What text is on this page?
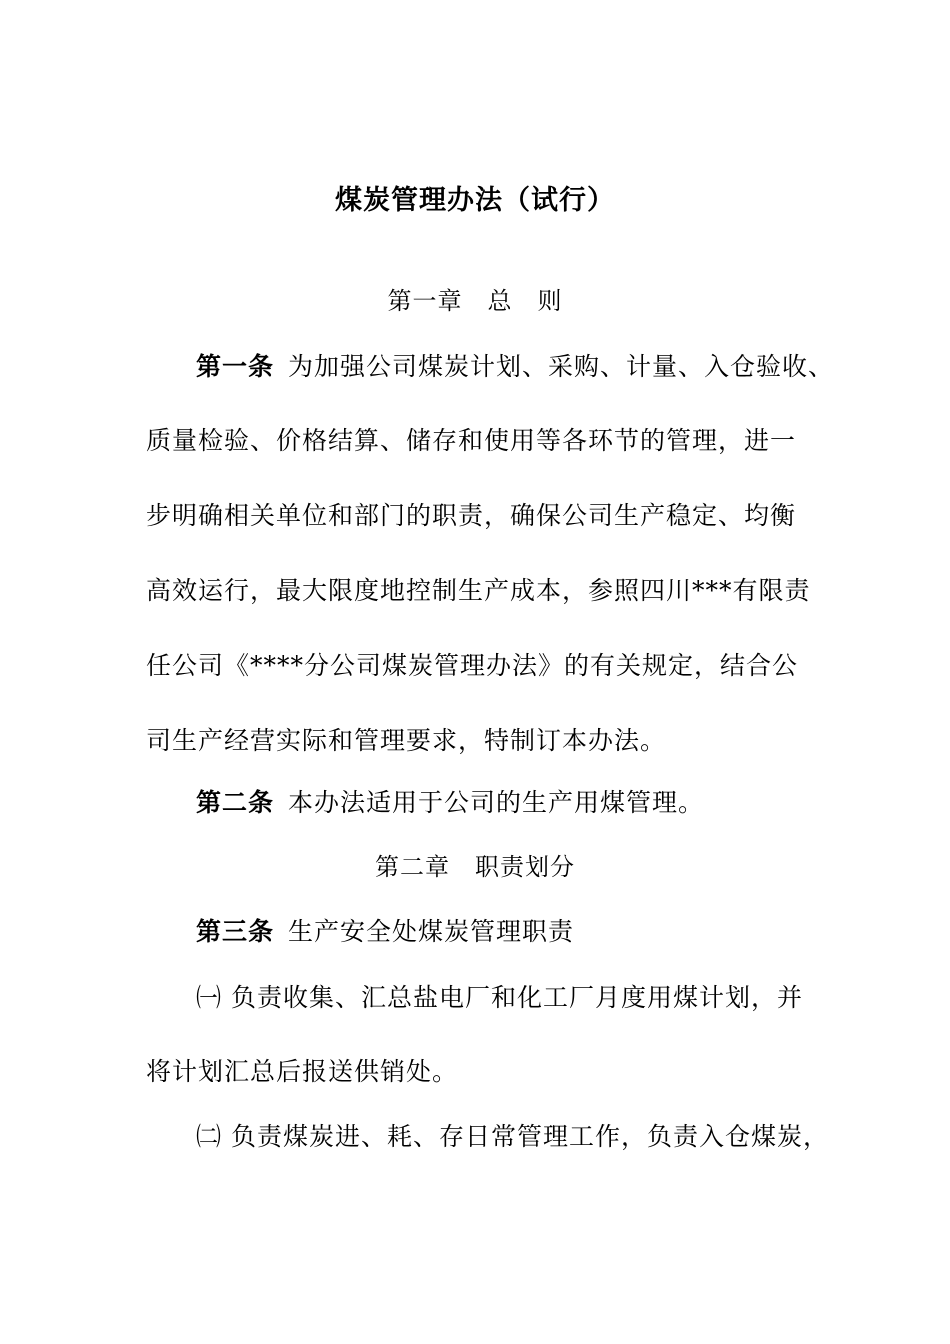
煤炭管理办法（试行）
第一章　总　则
第一条 为加强公司煤炭计划、采购、计量、入仓验收、
质量检验、价格结算、储存和使用等各环节的管理，进一
步明确相关单位和部门的职责，确保公司生产稳定、均衡
高效运行，最大限度地控制生产成本，参照四川***有限责
任公司《****分公司煤炭管理办法》的有关规定，结合公
司生产经营实际和管理要求，特制订本办法。
第二条 本办法适用于公司的生产用煤管理。
第二章　职责划分
第三条 生产安全处煤炭管理职责
㈠ 负责收集、汇总盐电厂和化工厂月度用煤计划，并
将计划汇总后报送供销处。
㈡ 负责煤炭进、耗、存日常管理工作，负责入仓煤炭，
